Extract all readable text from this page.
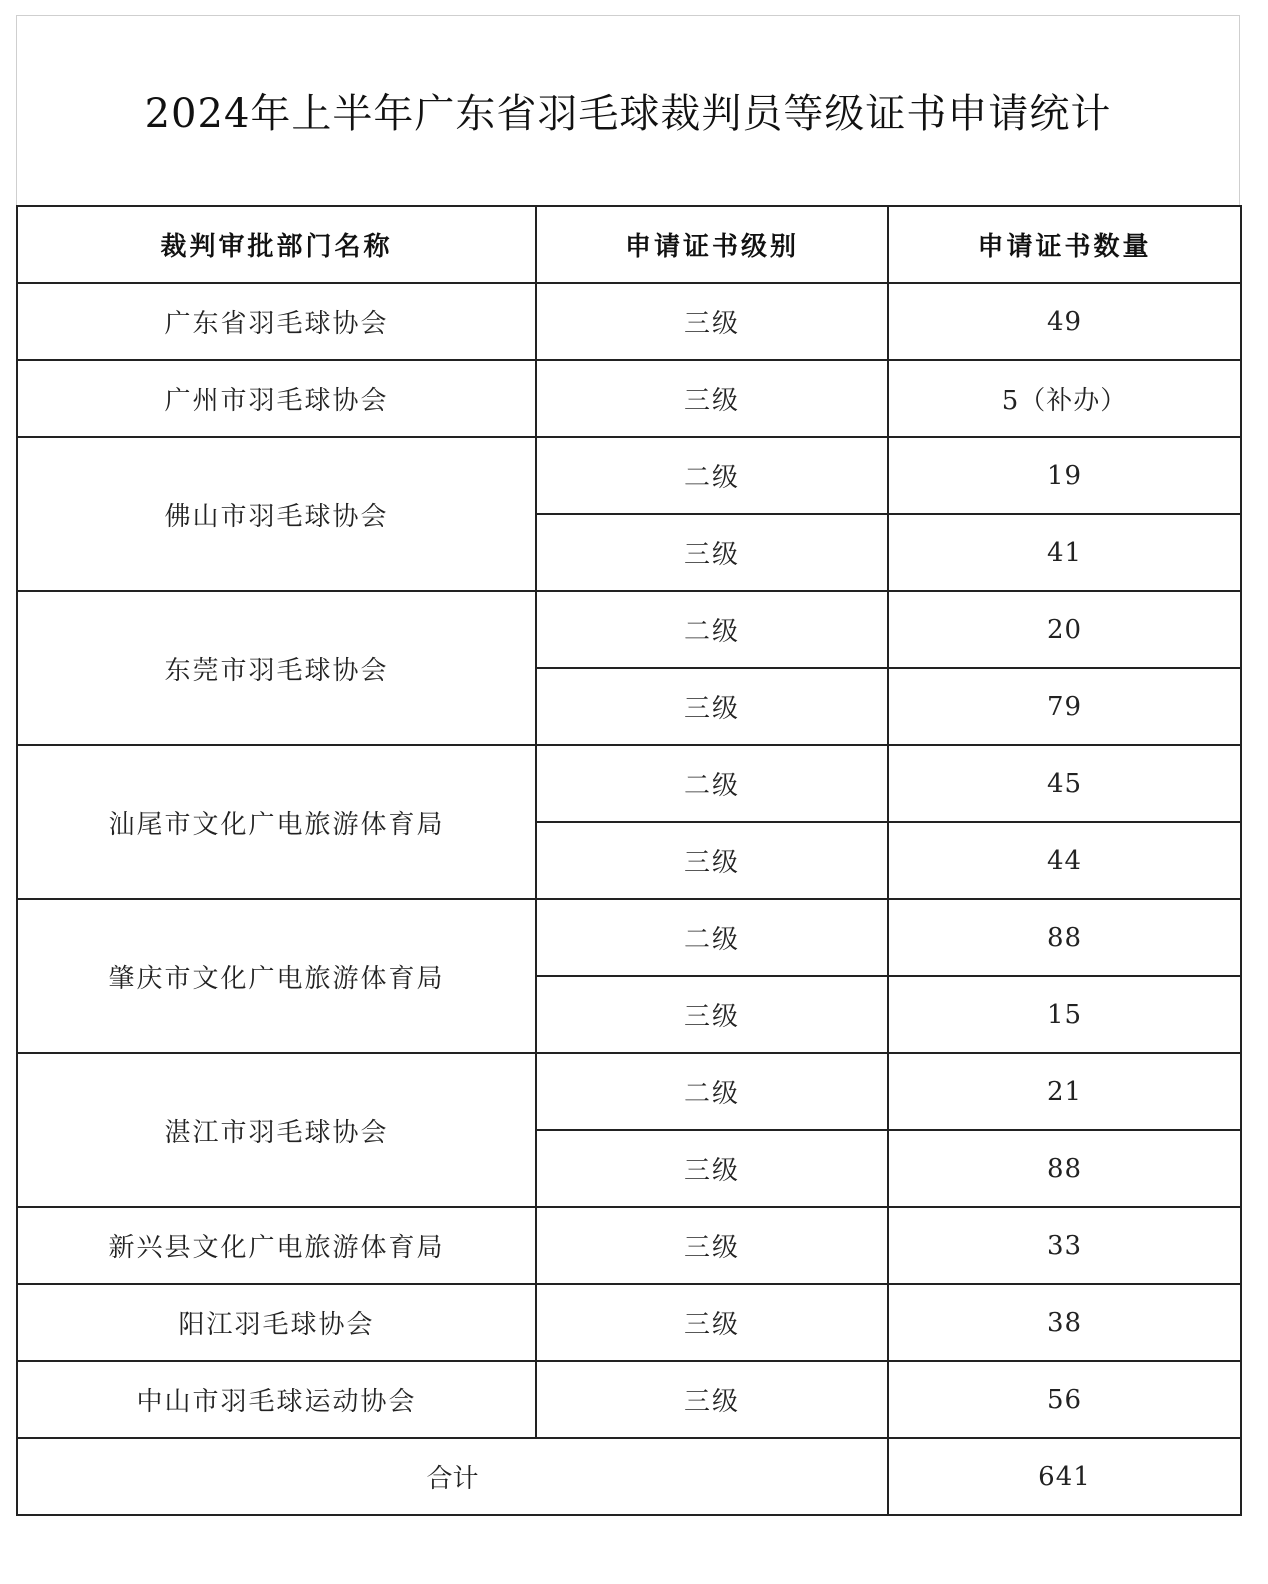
2024年上半年广东省羽毛球裁判员等级证书申请统计
裁判审批部门名称	申请证书级别	申请证书数量
广东省羽毛球协会	三级	49
广州市羽毛球协会	三级	5（补办）
佛山市羽毛球协会	二级	19
	三级	41
东莞市羽毛球协会	二级	20
	三级	79
汕尾市文化广电旅游体育局	二级	45
	三级	44
肇庆市文化广电旅游体育局	二级	88
	三级	15
湛江市羽毛球协会	二级	21
	三级	88
新兴县文化广电旅游体育局	三级	33
阳江羽毛球协会	三级	38
中山市羽毛球运动协会	三级	56
合计		641
